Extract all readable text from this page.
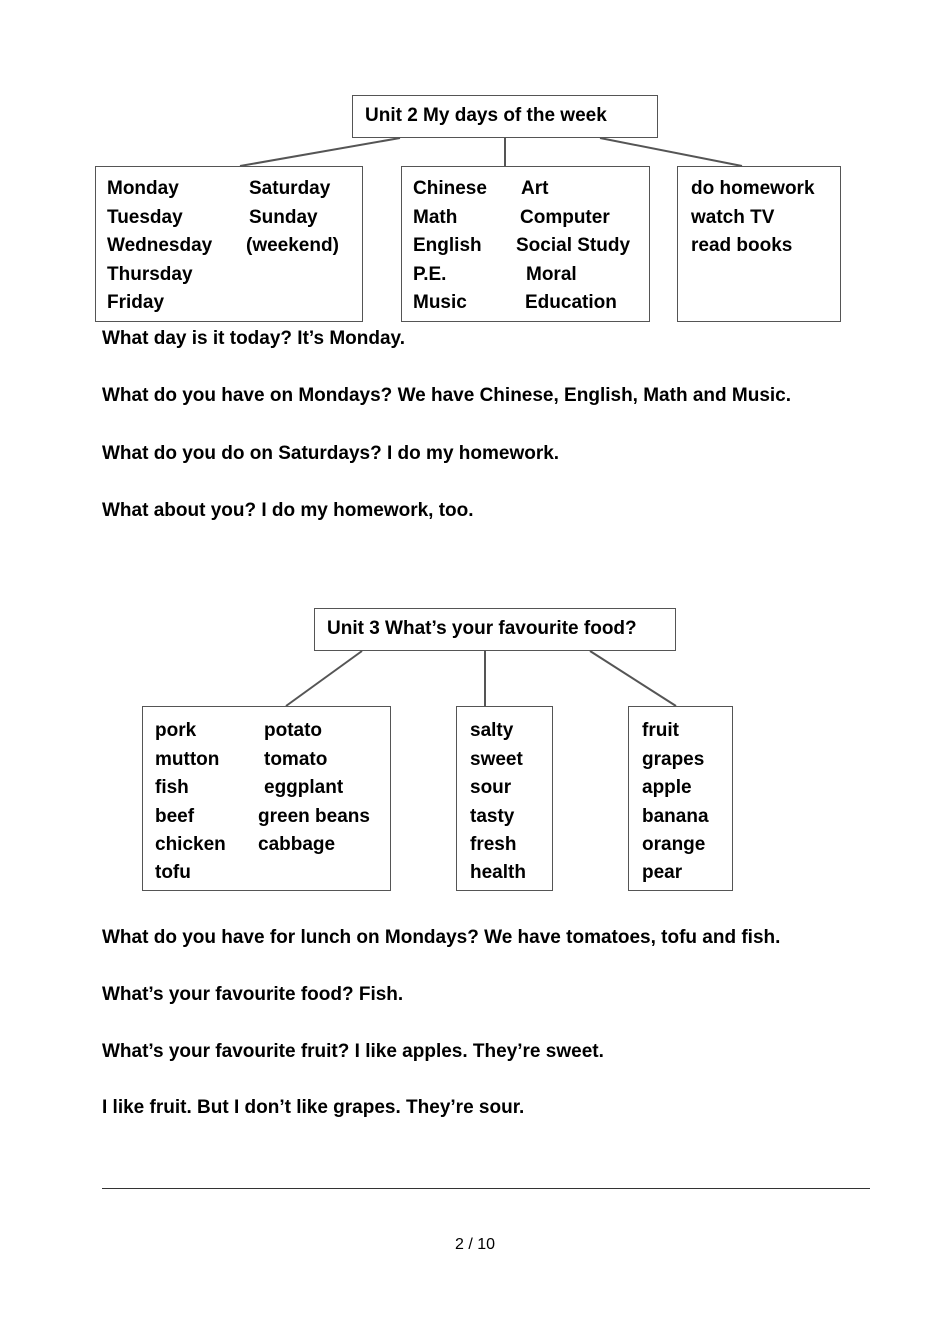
Unit 2 My days of the week
Monday
Tuesday
Wednesday
Thursday
Friday
Saturday
Sunday
(weekend)
Chinese
Math
English
P.E.
Music
Art
Computer
Social Study
Moral
Education
do homework
watch TV
read books
What day is it today? It’s Monday.
What do you have on Mondays? We have Chinese, English, Math and Music.
What do you do on Saturdays? I do my homework.
What about you? I do my homework, too.
Unit 3 What’s your favourite food?
pork
mutton
fish
beef
chicken
tofu
potato
tomato
eggplant
green beans
cabbage
salty
sweet
sour
tasty
fresh
health
fruit
grapes
apple
banana
orange
pear
What do you have for lunch on Mondays? We have tomatoes, tofu and fish.
What’s your favourite food? Fish.
What’s your favourite fruit? I like apples. They’re sweet.
I like fruit. But I don’t like grapes. They’re sour.
2 / 10
